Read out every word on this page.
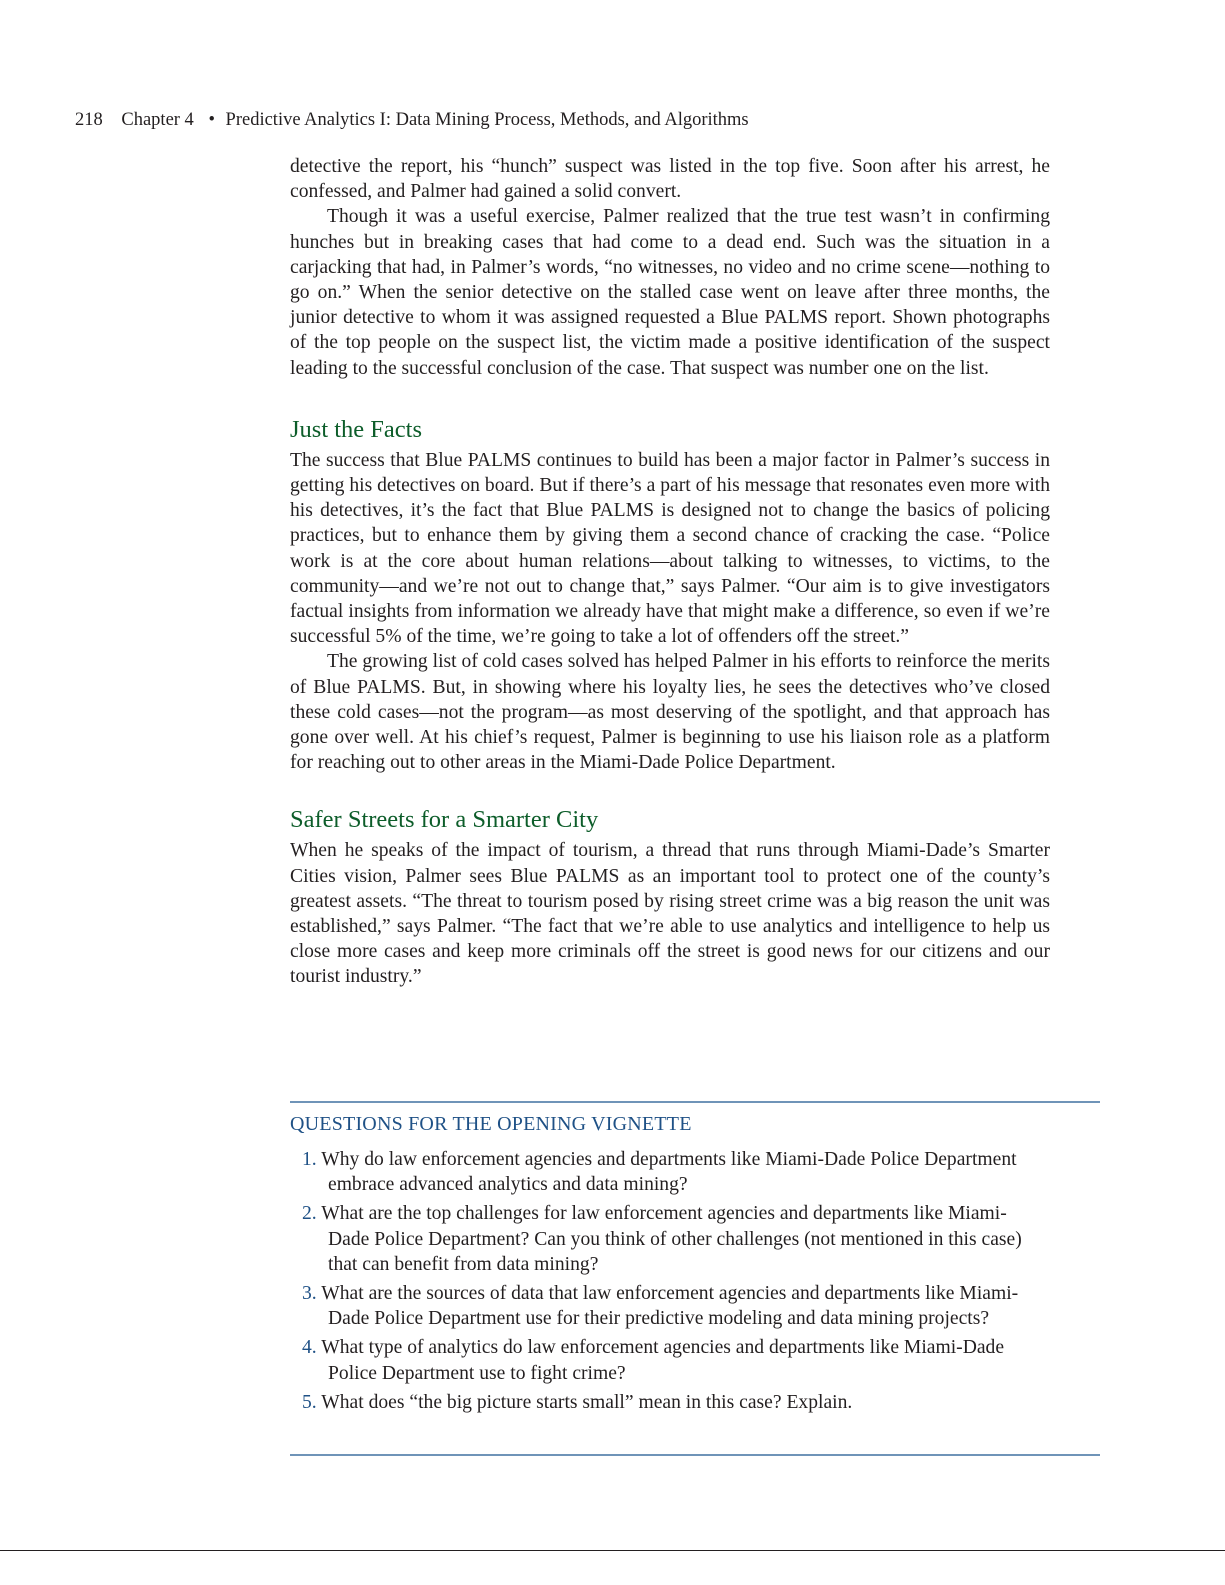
218 Chapter 4 • Predictive Analytics I: Data Mining Process, Methods, and Algorithms

detective the report, his “hunch” suspect was listed in the top five. Soon after his arrest, he confessed, and Palmer had gained a solid convert.

Though it was a useful exercise, Palmer realized that the true test wasn’t in confirming hunches but in breaking cases that had come to a dead end. Such was the situation in a carjacking that had, in Palmer’s words, “no witnesses, no video and no crime scene—nothing to go on.” When the senior detective on the stalled case went on leave after three months, the junior detective to whom it was assigned requested a Blue PALMS report. Shown photographs of the top people on the suspect list, the victim made a positive identification of the suspect leading to the successful conclusion of the case. That suspect was number one on the list.

Just the Facts

The success that Blue PALMS continues to build has been a major factor in Palmer’s success in getting his detectives on board. But if there’s a part of his message that resonates even more with his detectives, it’s the fact that Blue PALMS is designed not to change the basics of policing practices, but to enhance them by giving them a second chance of cracking the case. “Police work is at the core about human relations—about talking to witnesses, to victims, to the community—and we’re not out to change that,” says Palmer. “Our aim is to give investigators factual insights from information we already have that might make a difference, so even if we’re successful 5% of the time, we’re going to take a lot of offenders off the street.”

The growing list of cold cases solved has helped Palmer in his efforts to reinforce the merits of Blue PALMS. But, in showing where his loyalty lies, he sees the detectives who’ve closed these cold cases—not the program—as most deserving of the spotlight, and that approach has gone over well. At his chief’s request, Palmer is beginning to use his liaison role as a platform for reaching out to other areas in the Miami-Dade Police Department.

Safer Streets for a Smarter City

When he speaks of the impact of tourism, a thread that runs through Miami-Dade’s Smarter Cities vision, Palmer sees Blue PALMS as an important tool to protect one of the county’s greatest assets. “The threat to tourism posed by rising street crime was a big reason the unit was established,” says Palmer. “The fact that we’re able to use analytics and intelligence to help us close more cases and keep more criminals off the street is good news for our citizens and our tourist industry.”

QUESTIONS FOR THE OPENING VIGNETTE
1. Why do law enforcement agencies and departments like Miami-Dade Police Department embrace advanced analytics and data mining?
2. What are the top challenges for law enforcement agencies and departments like Miami-Dade Police Department? Can you think of other challenges (not mentioned in this case) that can benefit from data mining?
3. What are the sources of data that law enforcement agencies and departments like Miami-Dade Police Department use for their predictive modeling and data mining projects?
4. What type of analytics do law enforcement agencies and departments like Miami-Dade Police Department use to fight crime?
5. What does “the big picture starts small” mean in this case? Explain.
